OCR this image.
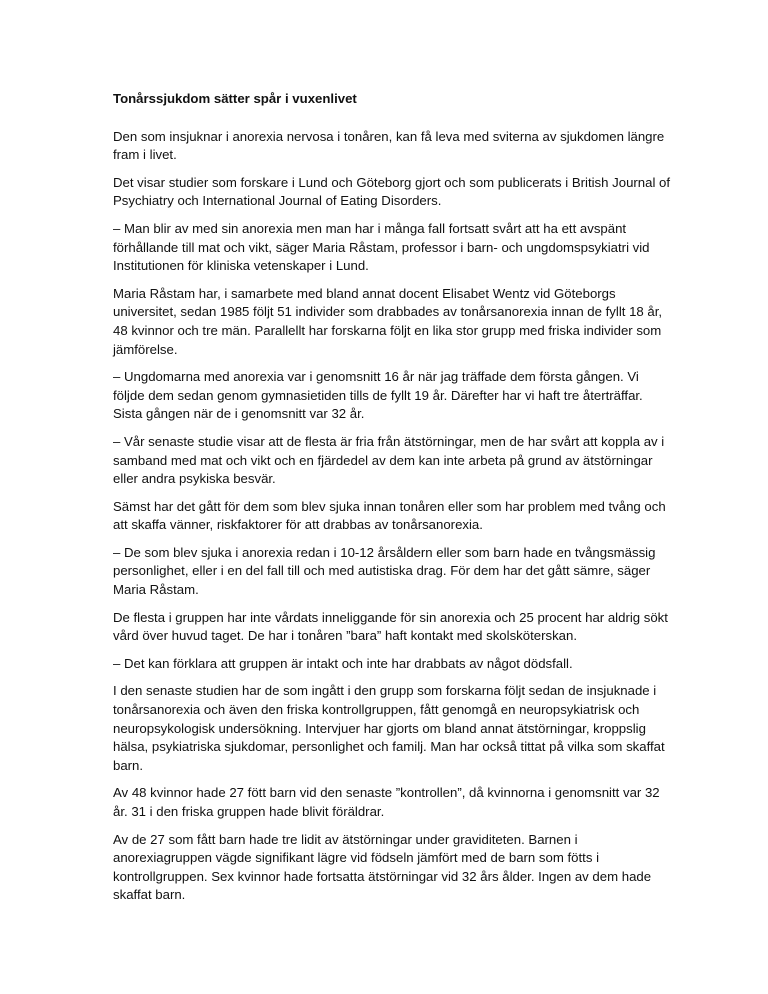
Tonårssjukdom sätter spår i vuxenlivet

Den som insjuknar i anorexia nervosa i tonåren, kan få leva med sviterna av sjukdomen längre fram i livet.

Det visar studier som forskare i Lund och Göteborg gjort och som publicerats i British Journal of Psychiatry och International Journal of Eating Disorders.

– Man blir av med sin anorexia men man har i många fall fortsatt svårt att ha ett avspänt förhållande till mat och vikt, säger Maria Råstam, professor i barn- och ungdomspsykiatri vid Institutionen för kliniska vetenskaper i Lund.

Maria Råstam har, i samarbete med bland annat docent Elisabet Wentz vid Göteborgs universitet, sedan 1985 följt 51 individer som drabbades av tonårsanorexia innan de fyllt 18 år, 48 kvinnor och tre män. Parallellt har forskarna följt en lika stor grupp med friska individer som jämförelse.

– Ungdomarna med anorexia var i genomsnitt 16 år när jag träffade dem första gången. Vi följde dem sedan genom gymnasietiden tills de fyllt 19 år. Därefter har vi haft tre återträffar. Sista gången när de i genomsnitt var 32 år.

– Vår senaste studie visar att de flesta är fria från ätstörningar, men de har svårt att koppla av i samband med mat och vikt och en fjärdedel av dem kan inte arbeta på grund av ätstörningar eller andra psykiska besvär.

Sämst har det gått för dem som blev sjuka innan tonåren eller som har problem med tvång och att skaffa vänner, riskfaktorer för att drabbas av tonårsanorexia.

– De som blev sjuka i anorexia redan i 10-12 årsåldern eller som barn hade en tvångsmässig personlighet, eller i en del fall till och med autistiska drag. För dem har det gått sämre, säger Maria Råstam.

De flesta i gruppen har inte vårdats inneliggande för sin anorexia och 25 procent har aldrig sökt vård över huvud taget. De har i tonåren ”bara” haft kontakt med skolsköterskan.

– Det kan förklara att gruppen är intakt och inte har drabbats av något dödsfall.

I den senaste studien har de som ingått i den grupp som forskarna följt sedan de insjuknade i tonårsanorexia och även den friska kontrollgruppen, fått genomgå en neuropsykiatrisk och neuropsykologisk undersökning. Intervjuer har gjorts om bland annat ätstörningar, kroppslig hälsa, psykiatriska sjukdomar, personlighet och familj. Man har också tittat på vilka som skaffat barn.

Av 48 kvinnor hade 27 fött barn vid den senaste ”kontrollen”, då kvinnorna i genomsnitt var 32 år. 31 i den friska gruppen hade blivit föräldrar.

Av de 27 som fått barn hade tre lidit av ätstörningar under graviditeten. Barnen i anorexiagruppen vägde signifikant lägre vid födseln jämfört med de barn som fötts i kontrollgruppen. Sex kvinnor hade fortsatta ätstörningar vid 32 års ålder. Ingen av dem hade skaffat barn.
